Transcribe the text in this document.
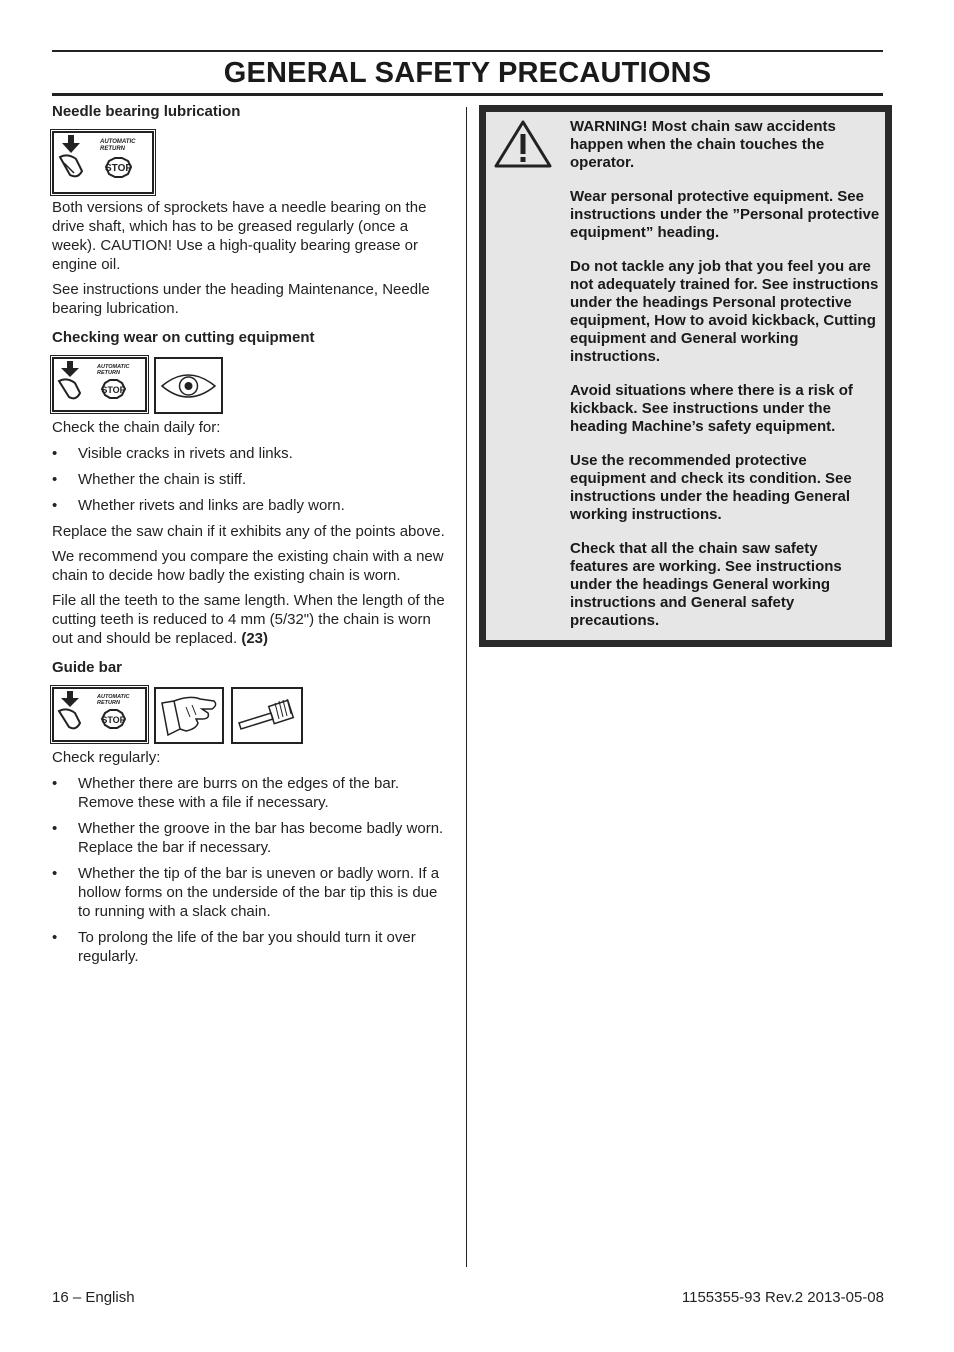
GENERAL SAFETY PRECAUTIONS
Needle bearing lubrication
STOP
AUTOMATIC
RETURN

Both versions of sprockets have a needle bearing on the drive shaft, which has to be greased regularly (once a week). CAUTION! Use a high-quality bearing grease or engine oil.

See instructions under the heading Maintenance, Needle bearing lubrication.

Checking wear on cutting equipment
STOP
AUTOMATIC
RETURN

Check the chain daily for:

• Visible cracks in rivets and links.
• Whether the chain is stiff.
• Whether rivets and links are badly worn.

Replace the saw chain if it exhibits any of the points above.

We recommend you compare the existing chain with a new chain to decide how badly the existing chain is worn.

File all the teeth to the same length. When the length of the cutting teeth is reduced to 4 mm (5/32") the chain is worn out and should be replaced. (23)

Guide bar
STOP
AUTOMATIC
RETURN

Check regularly:

• Whether there are burrs on the edges of the bar. Remove these with a file if necessary.
• Whether the groove in the bar has become badly worn. Replace the bar if necessary.
• Whether the tip of the bar is uneven or badly worn. If a hollow forms on the underside of the bar tip this is due to running with a slack chain.
• To prolong the life of the bar you should turn it over regularly.

WARNING! Most chain saw accidents happen when the chain touches the operator.

Wear personal protective equipment. See instructions under the ”Personal protective equipment” heading.

Do not tackle any job that you feel you are not adequately trained for. See instructions under the headings Personal protective equipment, How to avoid kickback, Cutting equipment and General working instructions.

Avoid situations where there is a risk of kickback. See instructions under the heading Machine’s safety equipment.

Use the recommended protective equipment and check its condition. See instructions under the heading General working instructions.

Check that all the chain saw safety features are working. See instructions under the headings General working instructions and General safety precautions.

16 – English	1155355-93 Rev.2 2013-05-08
